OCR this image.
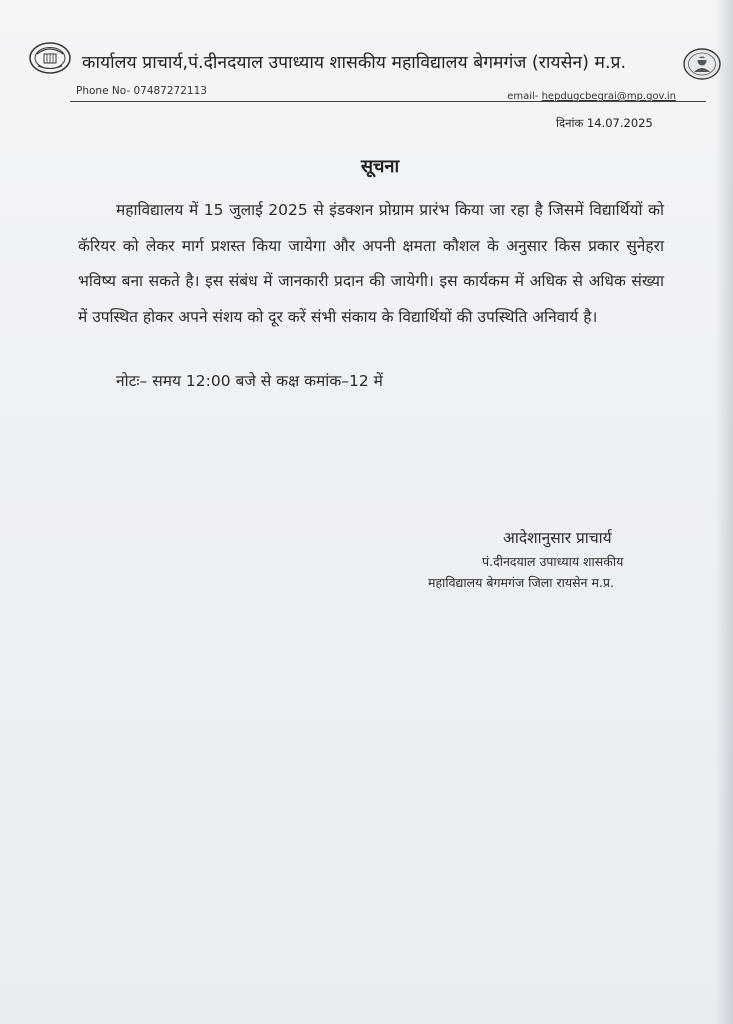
कार्यालय प्राचार्य,पं.दीनदयाल उपाध्याय शासकीय महाविद्यालय बेगमगंज (रायसेन) म.प्र.
Phone No- 07487272113	email- hepdugcbegrai@mp.gov.in
दिनांक 14.07.2025
सूचना
महाविद्यालय में 15 जुलाई 2025 से इंडक्शन प्रोग्राम प्रारंभ किया जा रहा है जिसमें विद्यार्थियों को कॅरियर को लेकर मार्ग प्रशस्त किया जायेगा और अपनी क्षमता कौशल के अनुसार किस प्रकार सुनेहरा भविष्य बना सकते है। इस संबंध में जानकारी प्रदान की जायेगी। इस कार्यकम में अधिक से अधिक संख्या में उपस्थित होकर अपने संशय को दूर करें संभी संकाय के विद्यार्थियों की उपस्थिति अनिवार्य है।
नोटः– समय 12:00 बजे से कक्ष कमांक–12 में
आदेशानुसार प्राचार्य
पं.दीनदयाल उपाध्याय शासकीय
महाविद्यालय बेगमगंज जिला रायसेन म.प्र.
